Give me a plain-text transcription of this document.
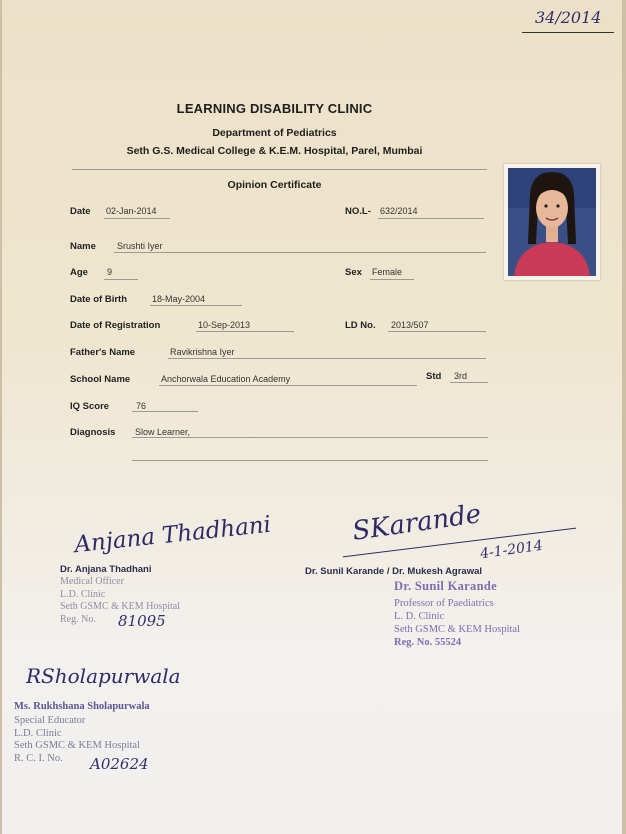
34/2014
LEARNING DISABILITY CLINIC
Department of Pediatrics
Seth G.S. Medical College & K.E.M. Hospital, Parel, Mumbai
Opinion Certificate
Date 02-Jan-2014	NO.L- 632/2014
Name Srushti Iyer
Age 9	Sex Female
Date of Birth	18-May-2004
Date of Registration	10-Sep-2013	LD No. 2013/507
Father's Name	Ravikrishna Iyer
School Name	Anchorwala Education Academy	Std 3rd
IQ Score	76
Diagnosis Slow Learner,
Anjana Thadhani
Dr. Anjana Thadhani
Medical Officer
L.D. Clinic
Seth GSMC & KEM Hospital
Reg. No.	81095
SKarande
4-1-2014
Dr. Sunil Karande / Dr. Mukesh Agrawal
Dr. Sunil Karande
Professor of Paediatrics
L. D. Clinic
Seth GSMC & KEM Hospital
Reg. No. 55524
RSholapurwala
Ms. Rukhshana Sholapurwala
Special Educator
L.D. Clinic
Seth GSMC & KEM Hospital
R. C. I. No.	A02624
